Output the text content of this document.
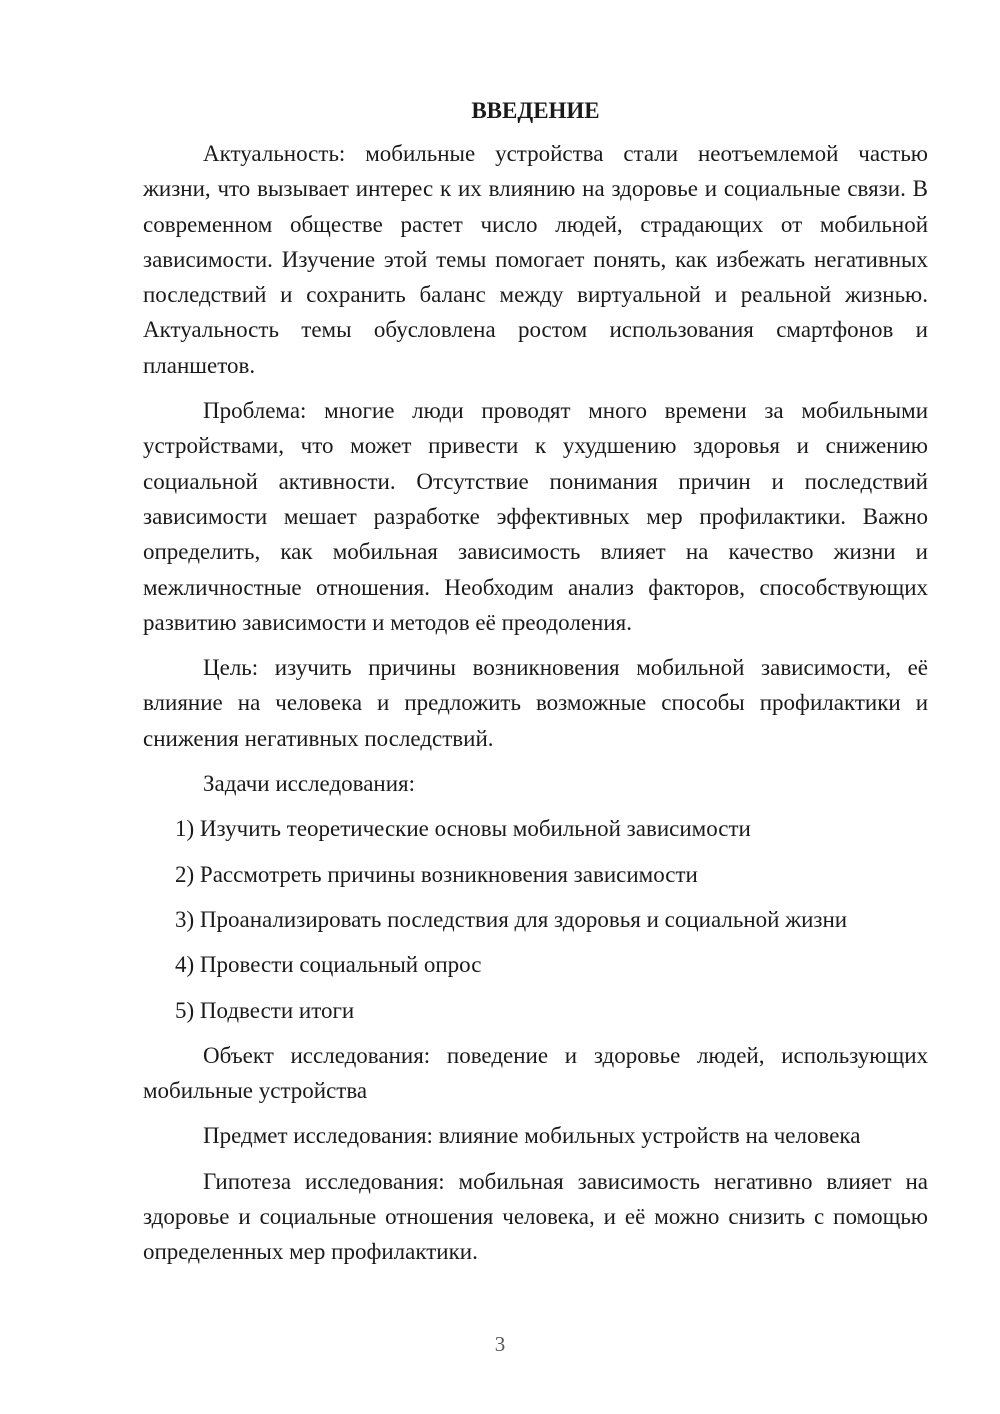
ВВЕДЕНИЕ

Актуальность: мобильные устройства стали неотъемлемой частью жизни, что вызывает интерес к их влиянию на здоровье и социальные связи. В современном обществе растет число людей, страдающих от мобильной зависимости. Изучение этой темы помогает понять, как избежать негативных последствий и сохранить баланс между виртуальной и реальной жизнью. Актуальность темы обусловлена ростом использования смартфонов и планшетов.

Проблема: многие люди проводят много времени за мобильными устройствами, что может привести к ухудшению здоровья и снижению социальной активности. Отсутствие понимания причин и последствий зависимости мешает разработке эффективных мер профилактики. Важно определить, как мобильная зависимость влияет на качество жизни и межличностные отношения. Необходим анализ факторов, способствующих развитию зависимости и методов её преодоления.

Цель: изучить причины возникновения мобильной зависимости, её влияние на человека и предложить возможные способы профилактики и снижения негативных последствий.

Задачи исследования:

1) Изучить теоретические основы мобильной зависимости
2) Рассмотреть причины возникновения зависимости
3) Проанализировать последствия для здоровья и социальной жизни
4) Провести социальный опрос
5) Подвести итоги

Объект исследования: поведение и здоровье людей, использующих мобильные устройства

Предмет исследования: влияние мобильных устройств на человека

Гипотеза исследования: мобильная зависимость негативно влияет на здоровье и социальные отношения человека, и её можно снизить с помощью определенных мер профилактики.

3
